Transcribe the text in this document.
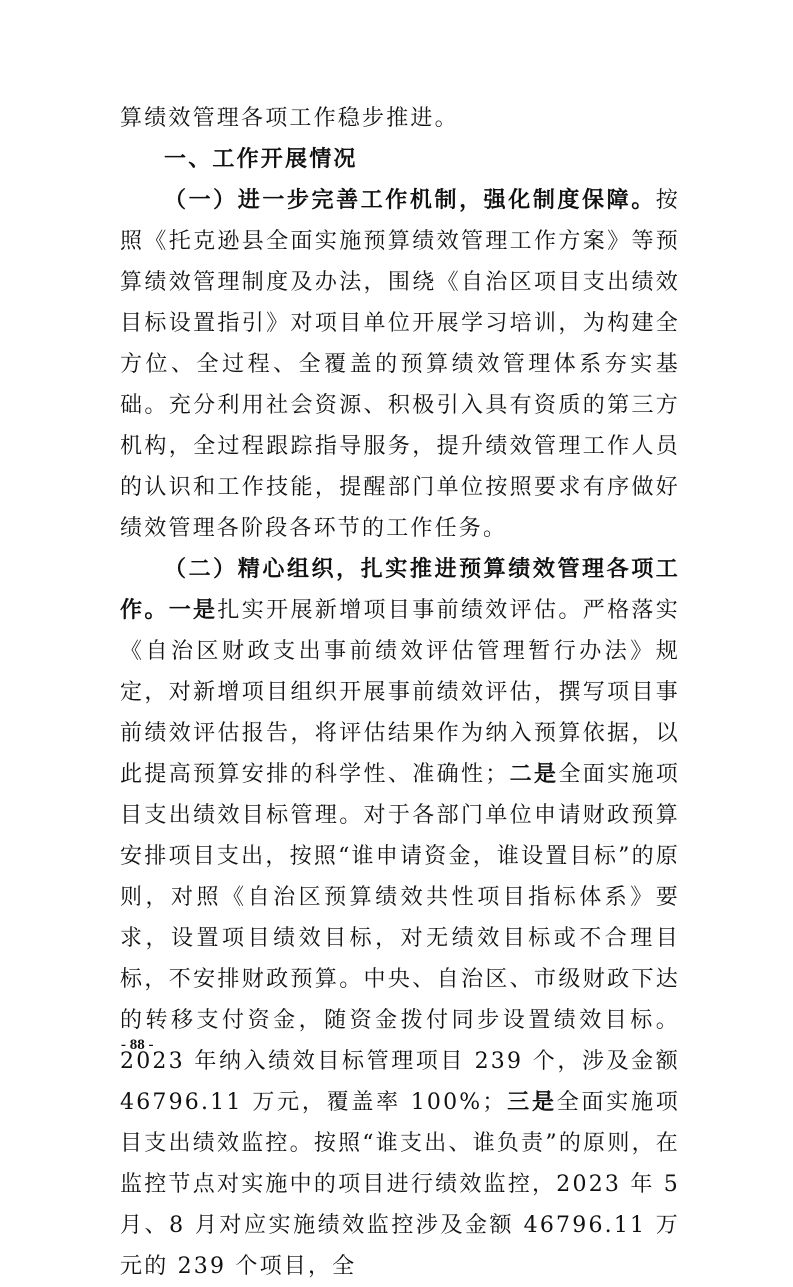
算绩效管理各项工作稳步推进。

一、工作开展情况

（一）进一步完善工作机制，强化制度保障。按照《托克逊县全面实施预算绩效管理工作方案》等预算绩效管理制度及办法，围绕《自治区项目支出绩效目标设置指引》对项目单位开展学习培训，为构建全方位、全过程、全覆盖的预算绩效管理体系夯实基础。充分利用社会资源、积极引入具有资质的第三方机构，全过程跟踪指导服务，提升绩效管理工作人员的认识和工作技能，提醒部门单位按照要求有序做好绩效管理各阶段各环节的工作任务。

（二）精心组织，扎实推进预算绩效管理各项工作。一是扎实开展新增项目事前绩效评估。严格落实《自治区财政支出事前绩效评估管理暂行办法》规定，对新增项目组织开展事前绩效评估，撰写项目事前绩效评估报告，将评估结果作为纳入预算依据，以此提高预算安排的科学性、准确性；二是全面实施项目支出绩效目标管理。对于各部门单位申请财政预算安排项目支出，按照“谁申请资金，谁设置目标”的原则，对照《自治区预算绩效共性项目指标体系》要求，设置项目绩效目标，对无绩效目标或不合理目标，不安排财政预算。中央、自治区、市级财政下达的转移支付资金，随资金拨付同步设置绩效目标。2023 年纳入绩效目标管理项目 239 个，涉及金额 46796.11 万元，覆盖率 100%；三是全面实施项目支出绩效监控。按照“谁支出、谁负责”的原则，在监控节点对实施中的项目进行绩效监控，2023 年 5 月、8 月对应实施绩效监控涉及金额 46796.11 万元的 239 个项目，全

- 88 -
